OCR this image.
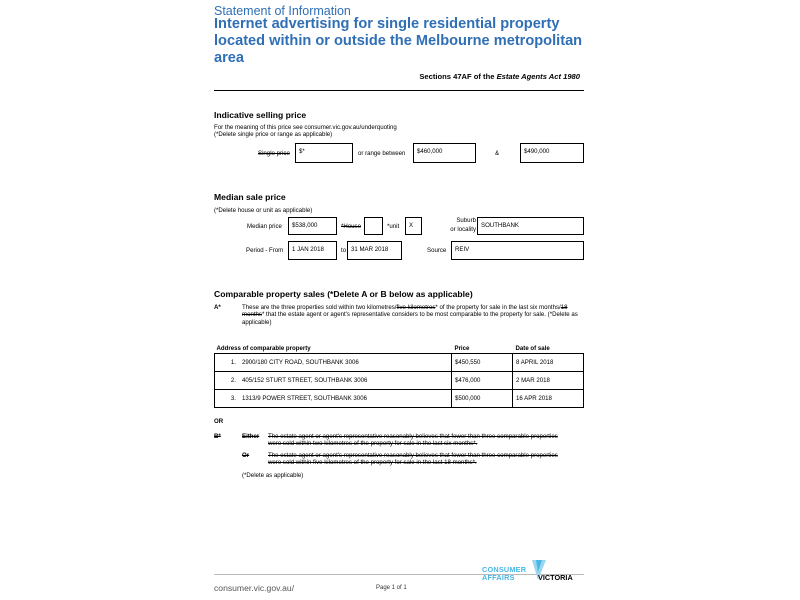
Statement of Information
Internet advertising for single residential property located within or outside the Melbourne metropolitan area
Sections 47AF of the Estate Agents Act 1980
Indicative selling price
For the meaning of this price see consumer.vic.gov.au/underquoting
(*Delete single price or range as applicable)
Single price	$*	or range between	$460,000	&	$490,000
Median sale price
(*Delete house or unit as applicable)
Median price	$538,000	*House	*unit	X
Suburb
or locality
SOUTHBANK
Period - From	1 JAN 2018	to 31 MAR 2018	Source	REIV
Comparable property sales (*Delete A or B below as applicable)
A*	These are the three properties sold within two kilometres/five kilometres* of the property for sale in the last six months/18 months* that the estate agent or agent's representative considers to be most comparable to the property for sale. (*Delete as applicable)
Address of comparable property		Price	Date of sale
1.	2900/180 CITY ROAD, SOUTHBANK 3006	$450,550	8 APRIL 2018
2.	405/152 STURT STREET, SOUTHBANK 3006	$476,000	2 MAR 2018
3.	1313/9 POWER STREET, SOUTHBANK 3006	$500,000	16 APR 2018
OR
B*	Either The estate agent or agent's representative reasonably believes that fewer than three comparable properties were sold within two kilometres of the property for sale in the last six months*.
Or	The estate agent or agent's representative reasonably believes that fewer than three comparable properties were sold within five kilometres of the property for sale in the last 18 months*.
(*Delete as applicable)
consumer.vic.gov.au/	Page 1 of 1
CONSUMER
AFFAIRS	VICTORIA
